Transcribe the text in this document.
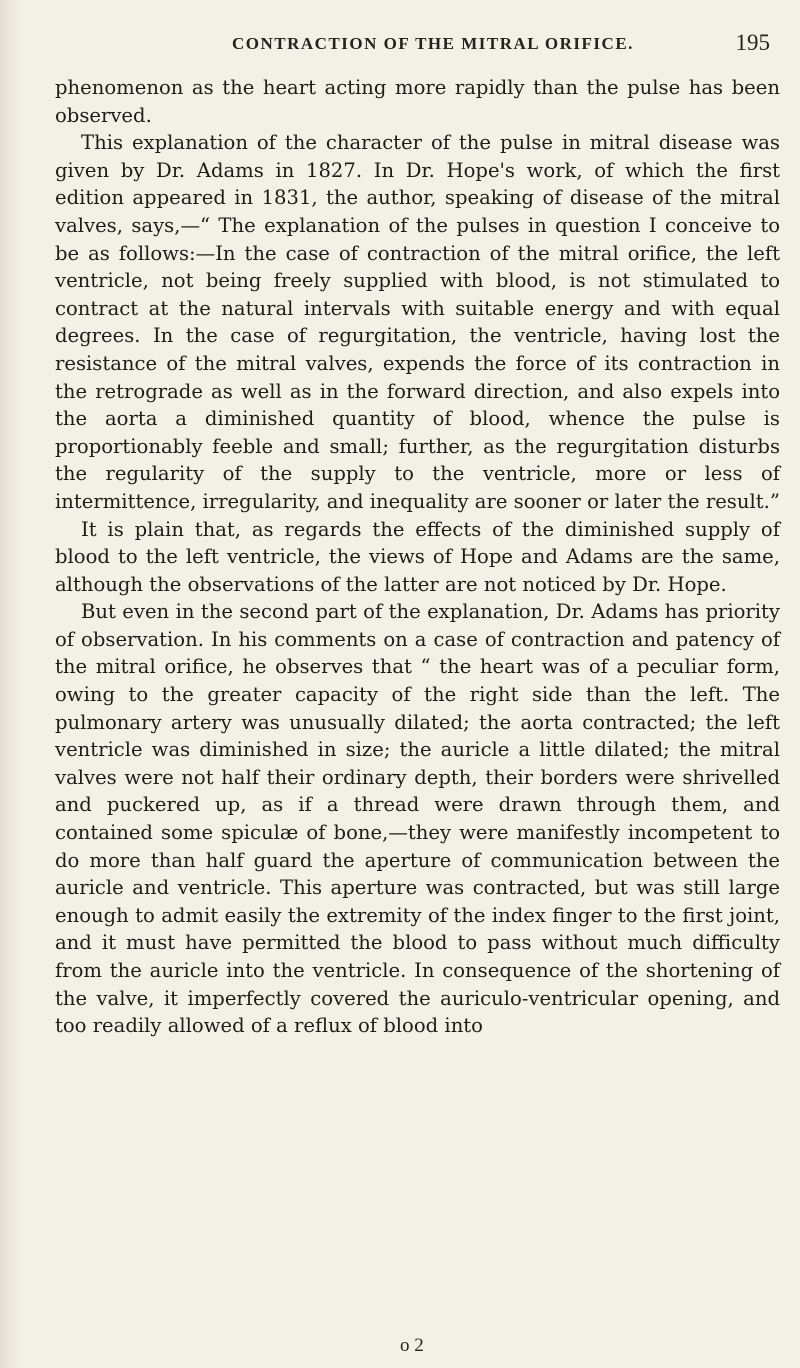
CONTRACTION OF THE MITRAL ORIFICE.	195

phenomenon as the heart acting more rapidly than the pulse has been observed.

This explanation of the character of the pulse in mitral disease was given by Dr. Adams in 1827. In Dr. Hope's work, of which the first edition appeared in 1831, the author, speaking of disease of the mitral valves, says,—“ The explanation of the pulses in question I conceive to be as follows:—In the case of contraction of the mitral orifice, the left ventricle, not being freely supplied with blood, is not stimulated to contract at the natural intervals with suitable energy and with equal degrees. In the case of regurgitation, the ventricle, having lost the resistance of the mitral valves, expends the force of its contraction in the retrograde as well as in the forward direction, and also expels into the aorta a diminished quantity of blood, whence the pulse is proportionably feeble and small; further, as the regurgitation disturbs the regularity of the supply to the ventricle, more or less of intermittence, irregularity, and inequality are sooner or later the result.”

It is plain that, as regards the effects of the diminished supply of blood to the left ventricle, the views of Hope and Adams are the same, although the observations of the latter are not noticed by Dr. Hope.

But even in the second part of the explanation, Dr. Adams has priority of observation. In his comments on a case of contraction and patency of the mitral orifice, he observes that “ the heart was of a peculiar form, owing to the greater capacity of the right side than the left. The pulmonary artery was unusually dilated; the aorta contracted; the left ventricle was diminished in size; the auricle a little dilated; the mitral valves were not half their ordinary depth, their borders were shrivelled and puckered up, as if a thread were drawn through them, and contained some spiculæ of bone,—they were manifestly incompetent to do more than half guard the aperture of communication between the auricle and ventricle. This aperture was contracted, but was still large enough to admit easily the extremity of the index finger to the first joint, and it must have permitted the blood to pass without much difficulty from the auricle into the ventricle. In consequence of the shortening of the valve, it imperfectly covered the auriculo-ventricular opening, and too readily allowed of a reflux of blood into

o 2
